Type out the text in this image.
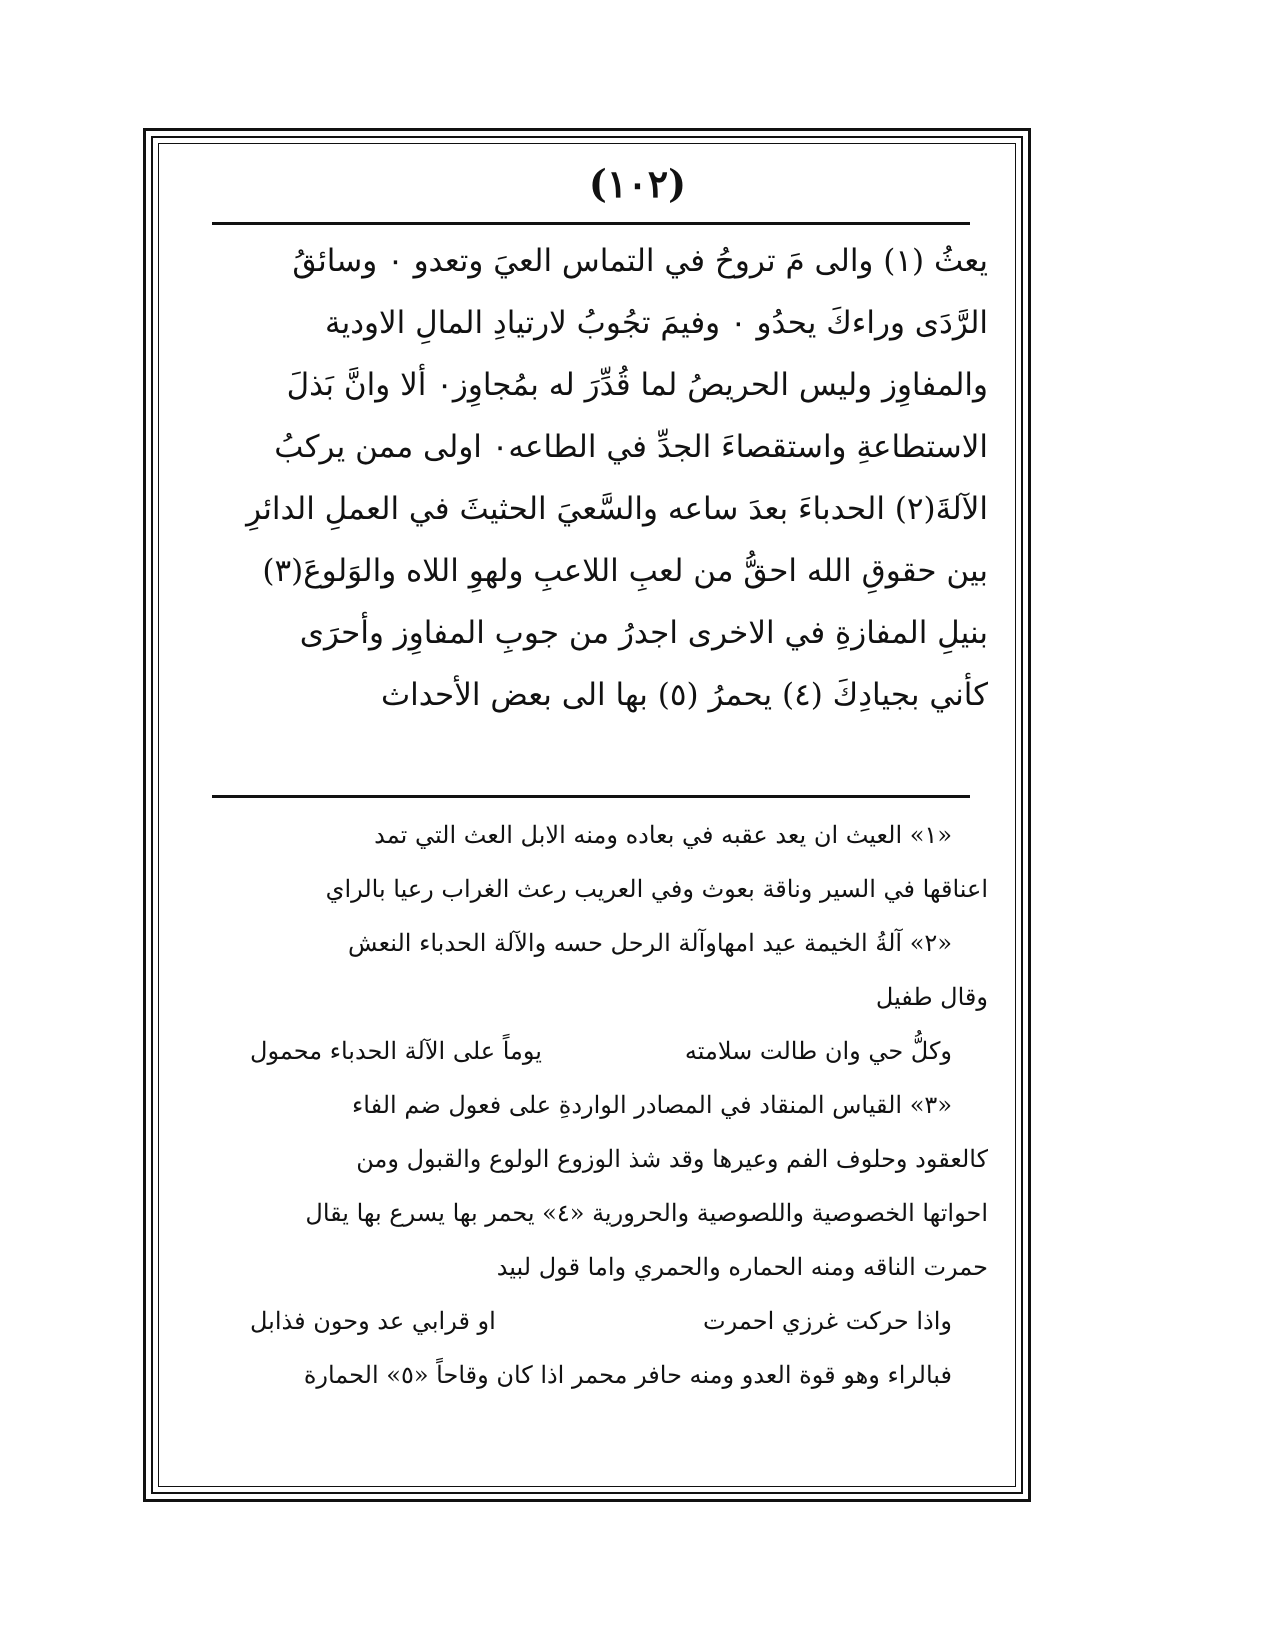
(١٠٢)
يعثُ (١) والى مَ تروحُ في التماس العيَ وتعدو ٠ وسائقُ
الرَّدَى وراءكَ يحدُو ٠ وفيمَ تجُوبُ لارتيادِ المالِ الاودية
والمفاوِز وليس الحريصُ لما قُدِّرَ له بمُجاوِز٠ ألا وانَّ بَذلَ
الاستطاعةِ واستقصاءَ الجدِّ في الطاعه٠ اولى ممن يركبُ
الآلةَ(٢) الحدباءَ بعدَ ساعه والسَّعيَ الحثيثَ في العملِ الدائرِ
بين حقوقِ الله احقُّ من لعبِ اللاعبِ ولهوِ اللاه والوَلوعَ(٣)
بنيلِ المفازةِ في الاخرى اجدرُ من جوبِ المفاوِز وأحرَى
كأني بجيادِكَ (٤) يحمرُ (٥) بها الى بعض الأحداث
«١» العيث ان يعد عقبه في بعاده ومنه الابل العث التي تمد
اعناقها في السير وناقة بعوث وفي العريب رعث الغراب رعيا بالراي
«٢» آلةُ الخيمة عيد امهاوآلة الرحل حسه والآلة الحدباء النعش
وقال طفيل
وكلُّ حي وان طالت سلامته
يوماً على الآلة الحدباء محمول
«٣» القياس المنقاد في المصادر الواردةِ على فعول ضم الفاء
كالعقود وحلوف الفم وعيرها وقد شذ الوزوع الولوع والقبول ومن
احواتها الخصوصية واللصوصية والحرورية «٤» يحمر بها يسرع بها يقال
حمرت الناقه ومنه الحماره والحمري واما قول لبيد
واذا حركت غرزي احمرت
او قرابي عد وحون فذابل
فبالراء وهو قوة العدو ومنه حافر محمر اذا كان وقاحاً «٥» الحمارة
